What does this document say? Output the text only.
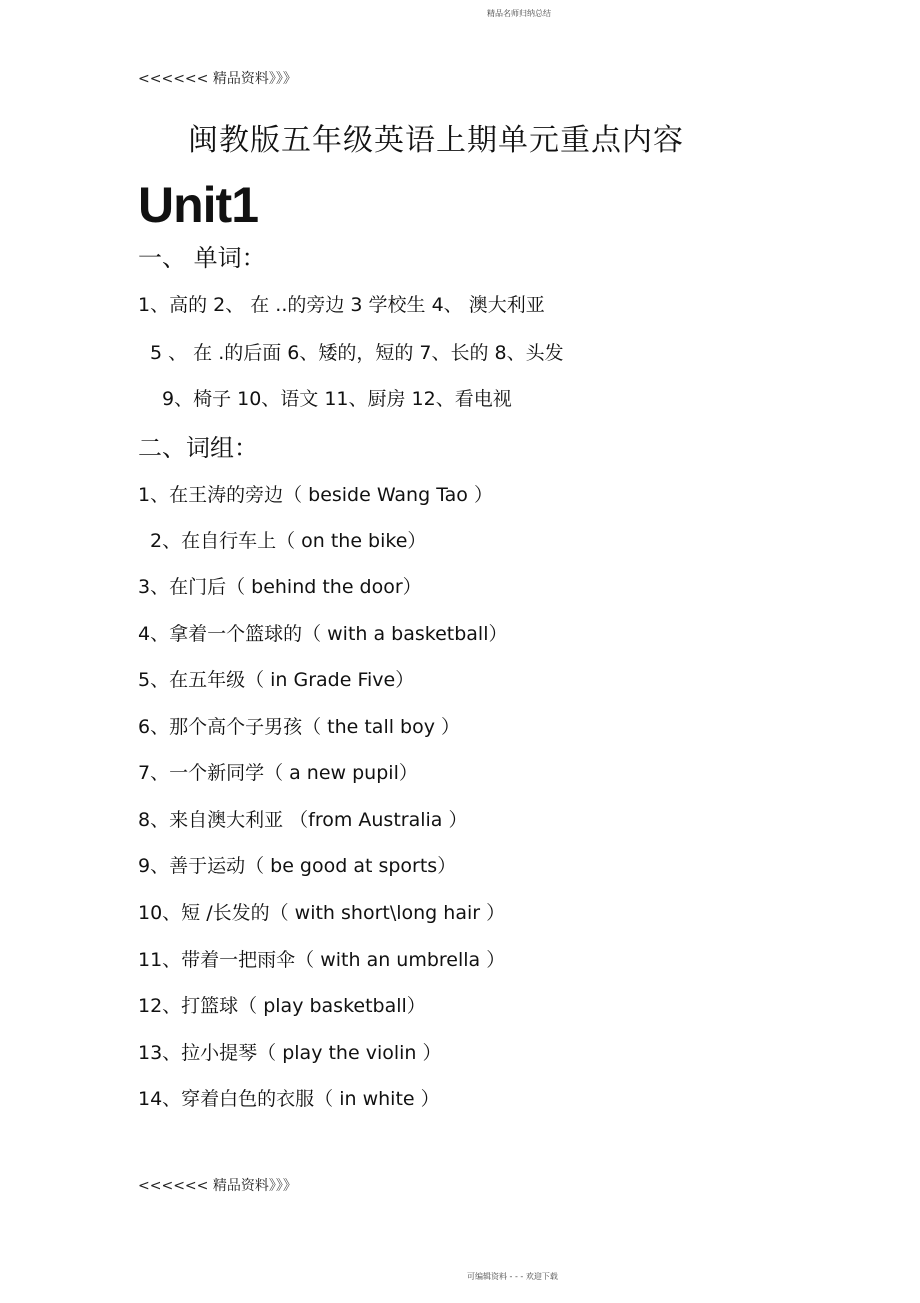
精品名师归纳总结
<<<<<< 精品资料》》》
闽教版五年级英语上期单元重点内容
Unit1
一、 单词：
1、高的 2、 在 ..的旁边 3 学校生 4、 澳大利亚
5 、 在 .的后面 6、矮的，短的 7、长的 8、头发
9、椅子 10、语文 11、厨房 12、看电视
二、词组：
1、在王涛的旁边（ beside Wang Tao ）
2、在自行车上（ on the bike）
3、在门后（ behind the door）
4、拿着一个篮球的（ with a basketball）
5、在五年级（ in Grade Five）
6、那个高个子男孩（ the tall boy ）
7、一个新同学（ a new pupil）
8、来自澳大利亚 （from Australia ）
9、善于运动（ be good at sports）
10、短 /长发的（ with short\long hair ）
11、带着一把雨伞（ with an umbrella ）
12、打篮球（ play basketball）
13、拉小提琴（ play the violin ）
14、穿着白色的衣服（ in white ）
<<<<<< 精品资料》》》
可编辑资料 - - - 欢迎下载
